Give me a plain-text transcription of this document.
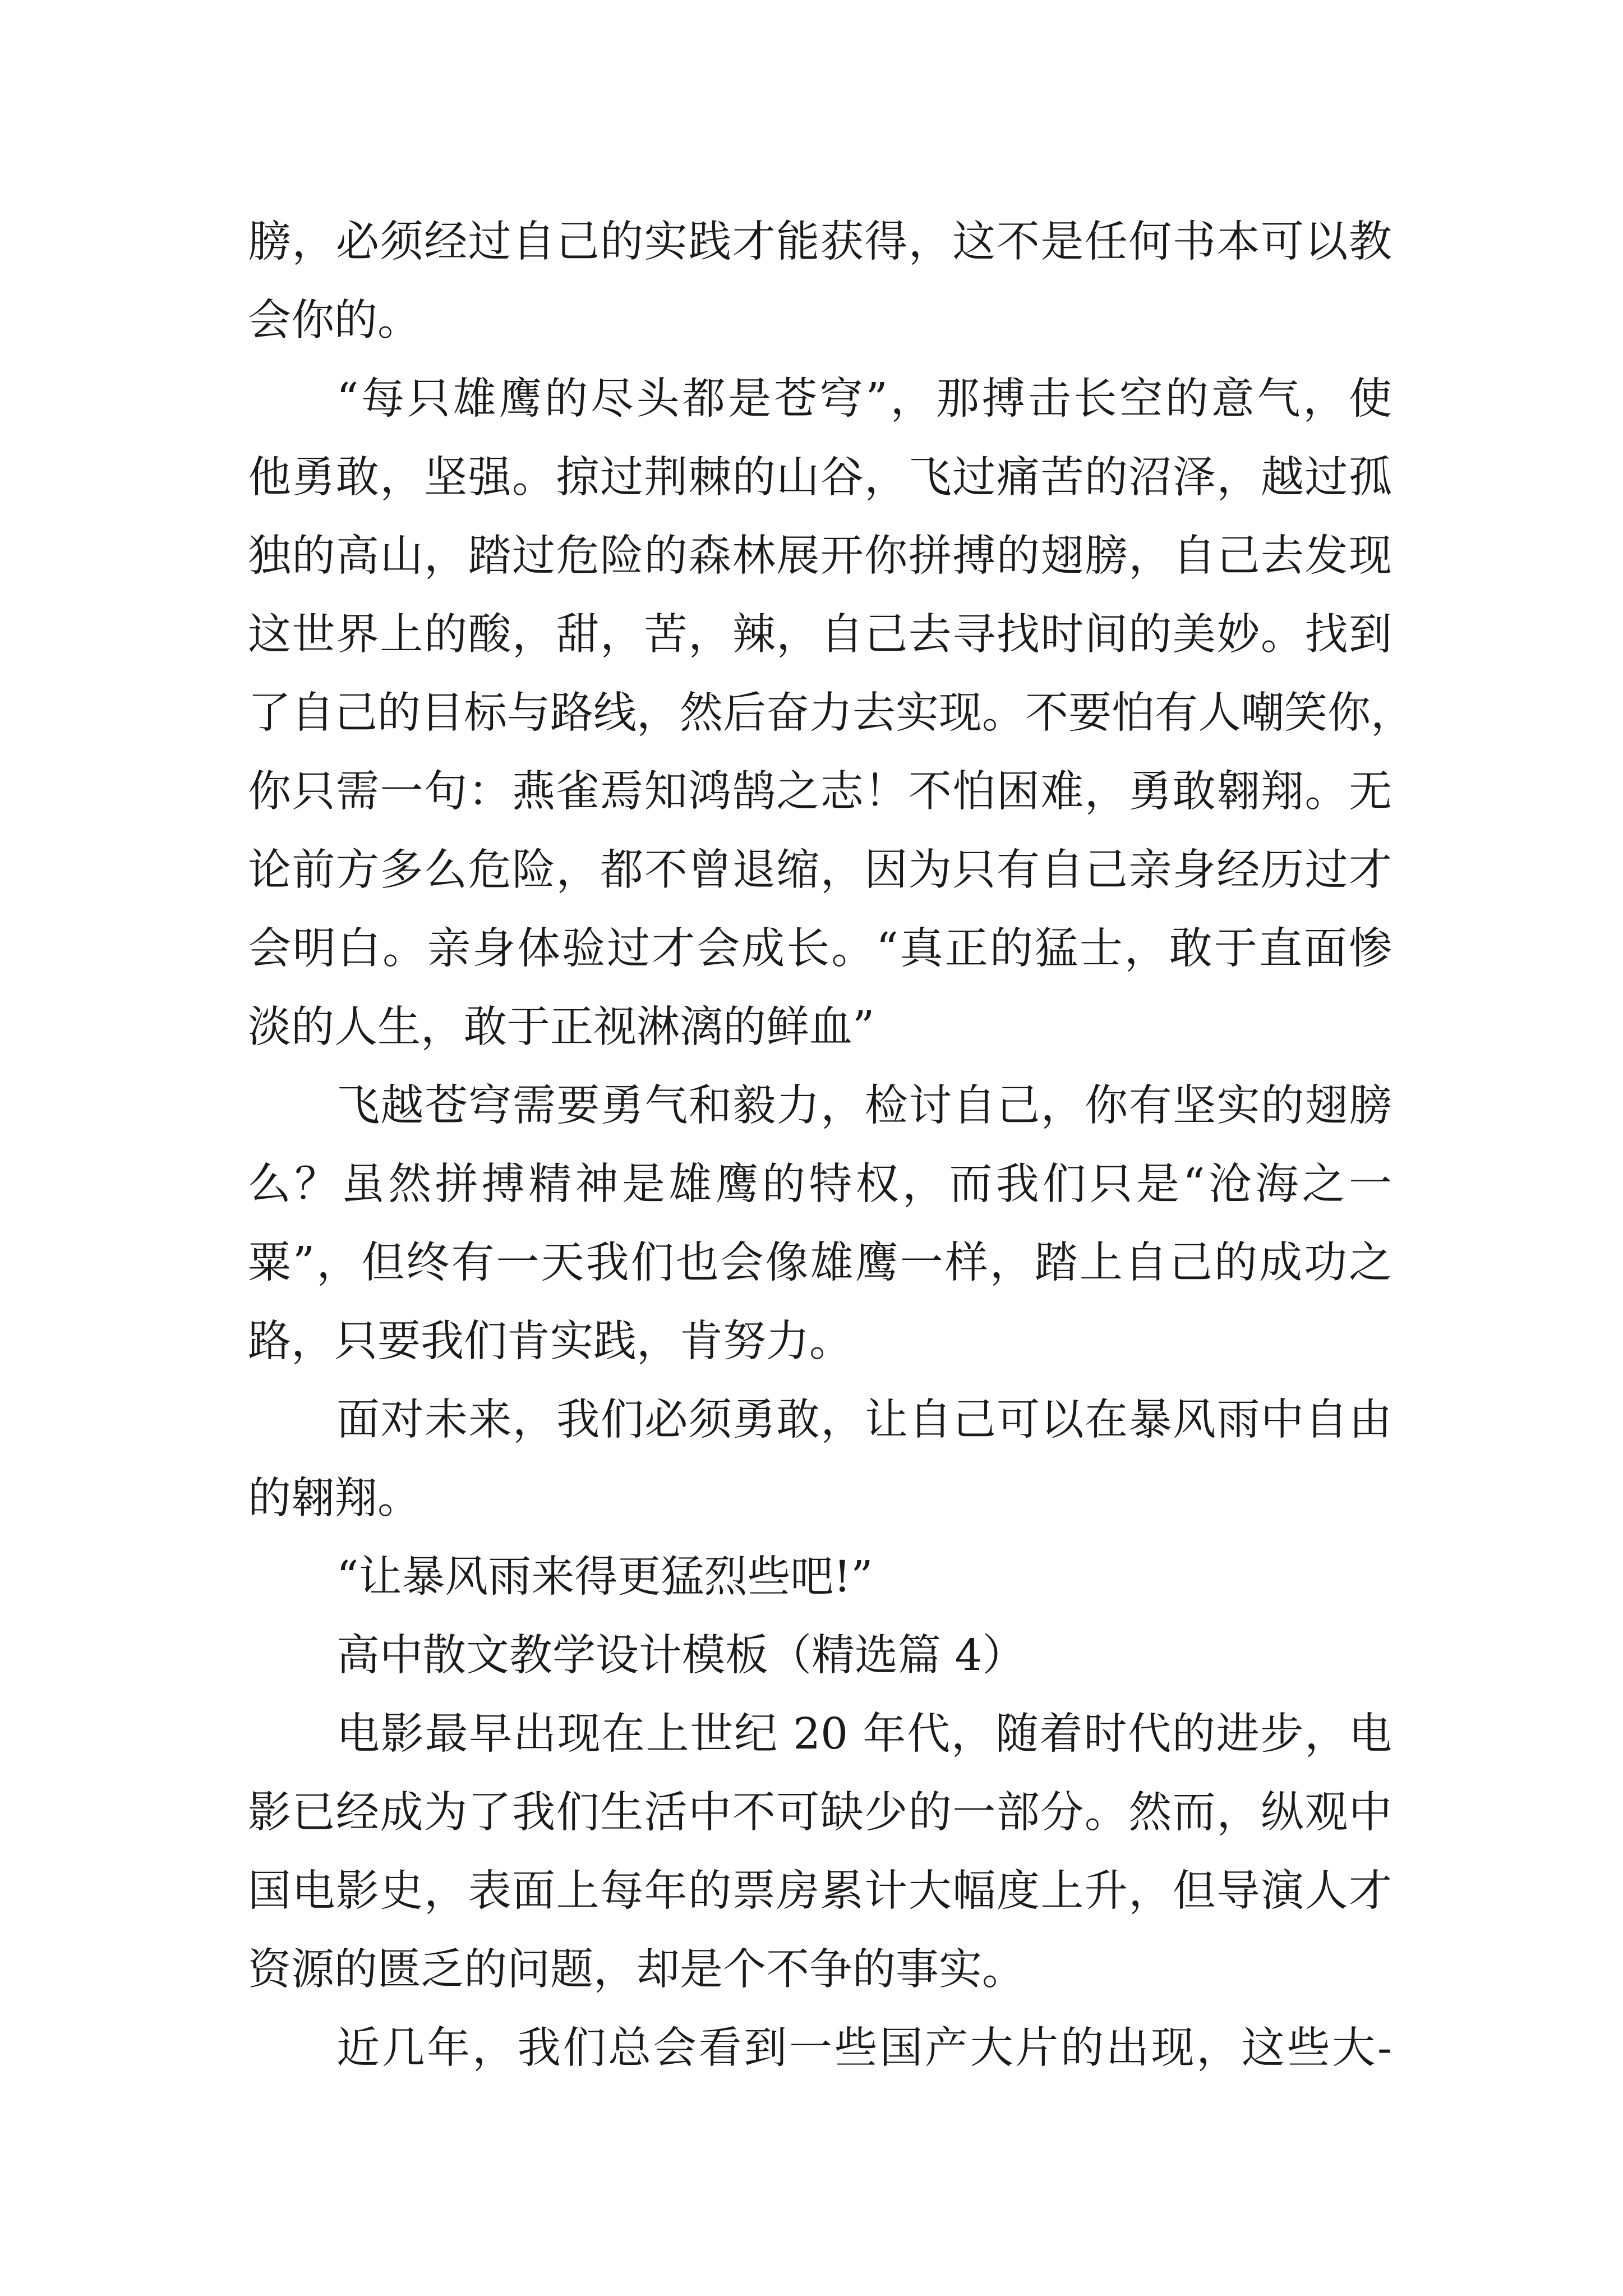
膀，必须经过自己的实践才能获得，这不是任何书本可以教
会你的。
“每只雄鹰的尽头都是苍穹”，那搏击长空的意气，使
他勇敢，坚强。掠过荆棘的山谷，飞过痛苦的沼泽，越过孤
独的高山，踏过危险的森林展开你拼搏的翅膀，自己去发现
这世界上的酸，甜，苦，辣，自己去寻找时间的美妙。找到
了自己的目标与路线，然后奋力去实现。不要怕有人嘲笑你，
你只需一句：燕雀焉知鸿鹄之志！不怕困难，勇敢翱翔。无
论前方多么危险，都不曾退缩，因为只有自己亲身经历过才
会明白。亲身体验过才会成长。“真正的猛士，敢于直面惨
淡的人生，敢于正视淋漓的鲜血”
飞越苍穹需要勇气和毅力，检讨自己，你有坚实的翅膀
么？虽然拼搏精神是雄鹰的特权，而我们只是“沧海之一
粟”，但终有一天我们也会像雄鹰一样，踏上自己的成功之
路，只要我们肯实践，肯努力。
面对未来，我们必须勇敢，让自己可以在暴风雨中自由
的翱翔。
“让暴风雨来得更猛烈些吧!”
高中散文教学设计模板（精选篇 4）
电影最早出现在上世纪 20 年代，随着时代的进步，电
影已经成为了我们生活中不可缺少的一部分。然而，纵观中
国电影史，表面上每年的票房累计大幅度上升，但导演人才
资源的匮乏的问题，却是个不争的事实。
近几年，我们总会看到一些国产大片的出现，这些大-
